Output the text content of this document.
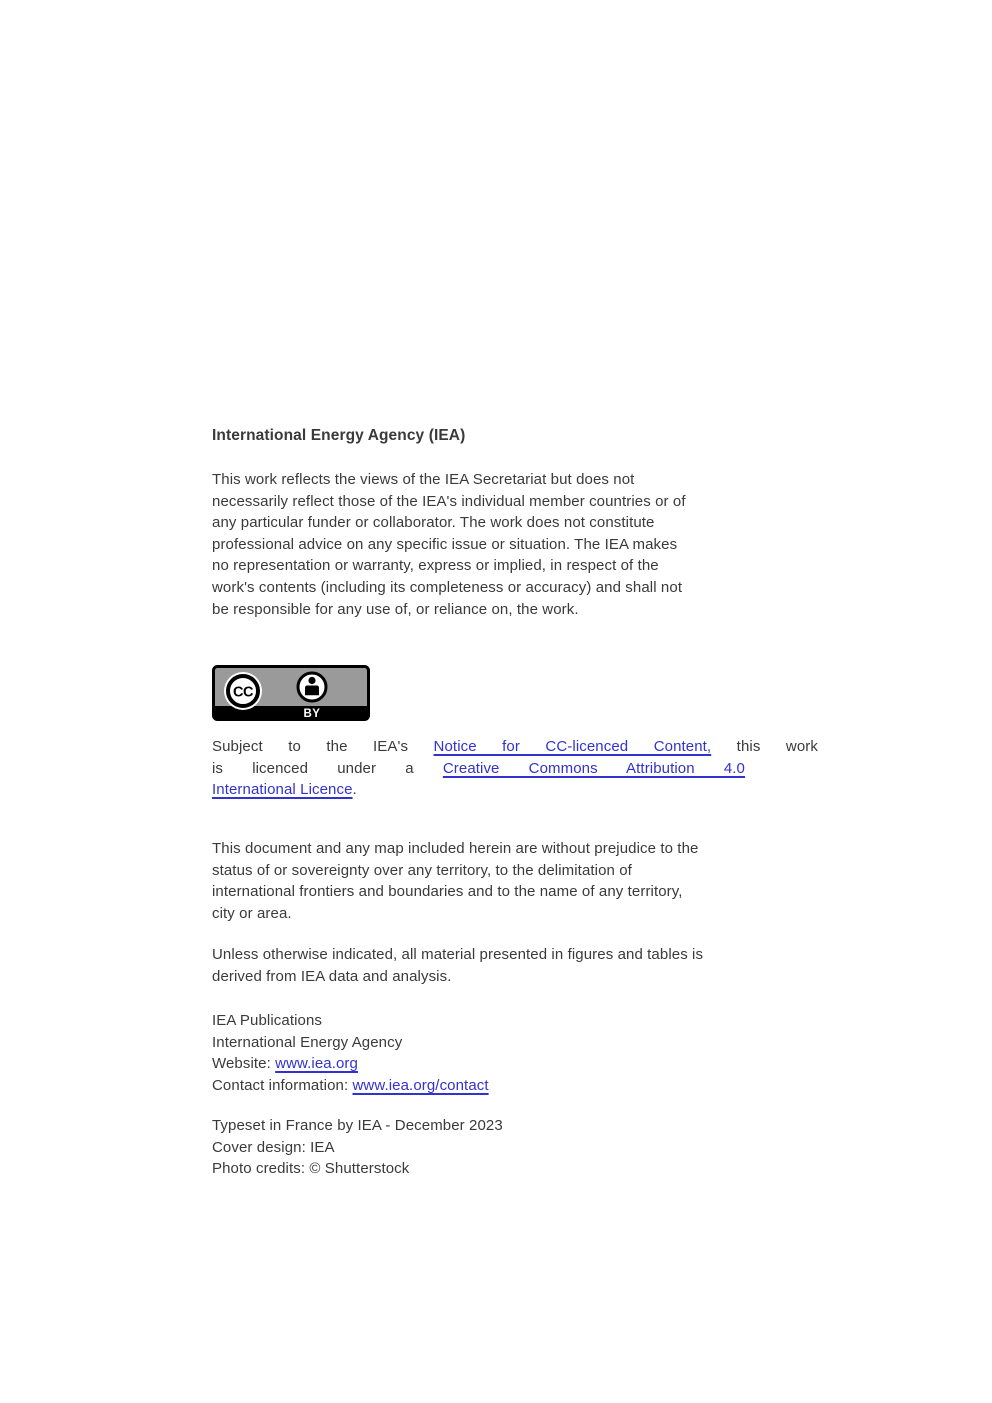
International Energy Agency (IEA)
This work reflects the views of the IEA Secretariat but does not
necessarily reflect those of the IEA's individual member countries or of
any particular funder or collaborator. The work does not constitute
professional advice on any specific issue or situation. The IEA makes
no representation or warranty, express or implied, in respect of the
work's contents (including its completeness or accuracy) and shall not
be responsible for any use of, or reliance on, the work.
CC
BY
Subject to the IEA's Notice for CC-licenced Content, this work
is licenced under a Creative Commons Attribution 4.0
International Licence.
This document and any map included herein are without prejudice to the
status of or sovereignty over any territory, to the delimitation of
international frontiers and boundaries and to the name of any territory,
city or area.
Unless otherwise indicated, all material presented in figures and tables is
derived from IEA data and analysis.
IEA Publications
International Energy Agency
Website: www.iea.org
Contact information: www.iea.org/contact
Typeset in France by IEA - December 2023
Cover design: IEA
Photo credits: © Shutterstock
